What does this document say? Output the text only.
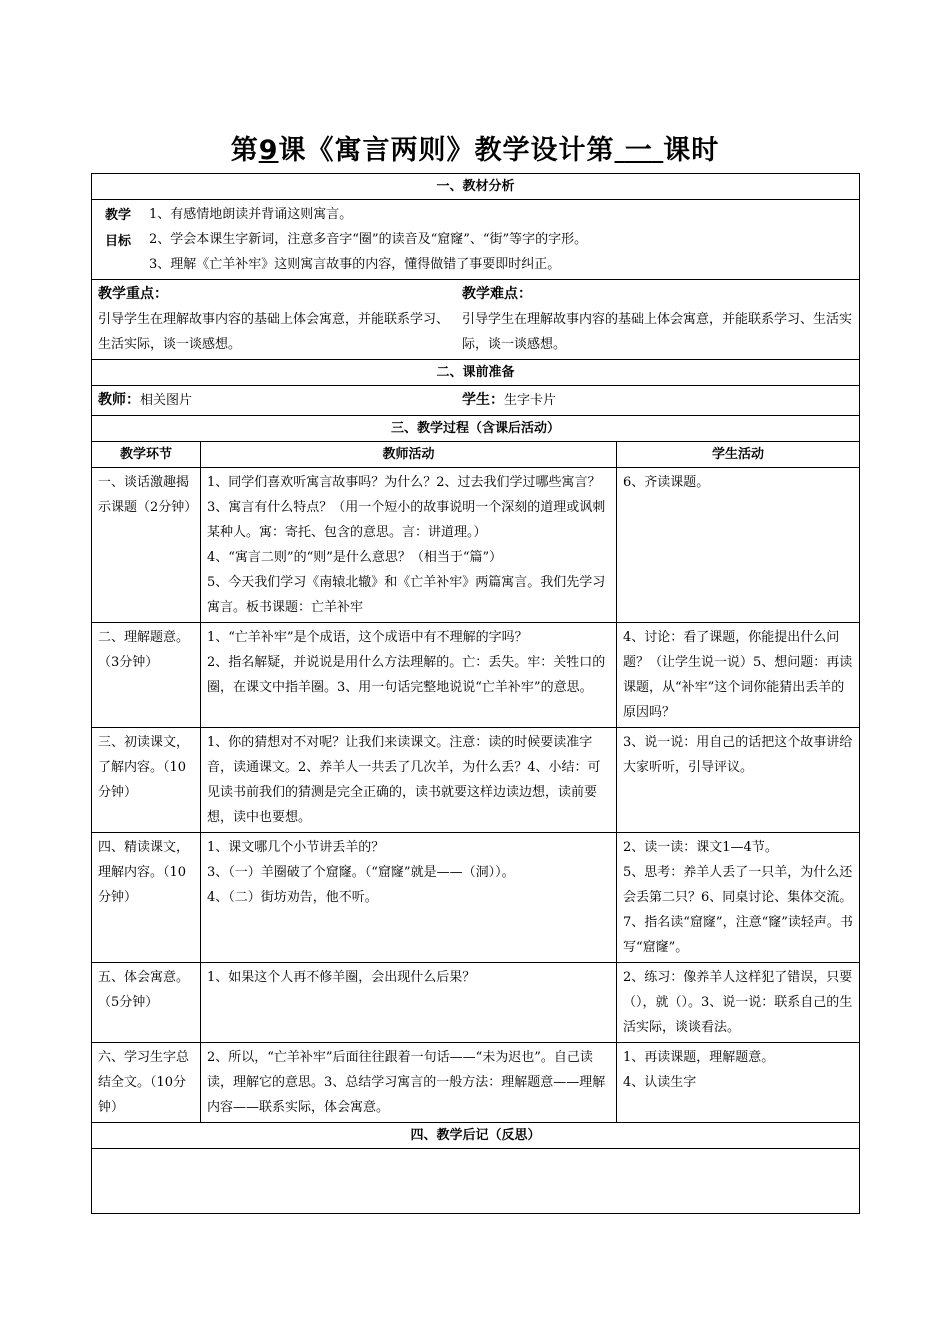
第9课《寓言两则》教学设计第 一 课时
一、教材分析

教学
目标

1、有感情地朗读并背诵这则寓言。
2、学会本课生字新词，注意多音字“圈”的读音及“窟窿”、“街”等字的字形。
3、理解《亡羊补牢》这则寓言故事的内容，懂得做错了事要即时纠正。

教学重点：
引导学生在理解故事内容的基础上体会寓意，并能联系学习、生活实际，谈一谈感想。

教学难点：
引导学生在理解故事内容的基础上体会寓意，并能联系学习、生活实际，谈一谈感想。

二、课前准备

教师：相关图片	学生：生字卡片

三、教学过程（含课后活动）
教学环节	教师活动	学生活动
一、谈话激趣揭示课题（2分钟）	1、同学们喜欢听寓言故事吗？为什么？2、过去我们学过哪些寓言？3、寓言有什么特点？（用一个短小的故事说明一个深刻的道理或讽刺某种人。寓：寄托、包含的意思。言：讲道理。）
4、“寓言二则”的“则”是什么意思？（相当于“篇”）
5、今天我们学习《南辕北辙》和《亡羊补牢》两篇寓言。我们先学习寓言。板书课题：亡羊补牢	6、齐读课题。
二、理解题意。（3分钟）	1、“亡羊补牢”是个成语，这个成语中有不理解的字吗？
2、指名解疑，并说说是用什么方法理解的。亡：丢失。牢：关牲口的圈，在课文中指羊圈。3、用一句话完整地说说“亡羊补牢”的意思。	4、讨论：看了课题，你能提出什么问题？（让学生说一说）5、想问题：再读课题，从“补牢”这个词你能猜出丢羊的原因吗？
三、初读课文，了解内容。（10分钟）	1、你的猜想对不对呢？让我们来读课文。注意：读的时候要读准字音，读通课文。2、养羊人一共丢了几次羊，为什么丢？4、小结：可见读书前我们的猜测是完全正确的，读书就要这样边读边想，读前要想，读中也要想。	3、说一说：用自己的话把这个故事讲给大家听听，引导评议。
四、精读课文，理解内容。（10分钟）	1、课文哪几个小节讲丢羊的？
3、（一）羊圈破了个窟窿。（“窟窿”就是——（洞））。
4、（二）街坊劝告，他不听。	2、读一读：课文1—4节。
5、思考：养羊人丢了一只羊，为什么还会丢第二只？6、同桌讨论、集体交流。7、指名读“窟窿”，注意“窿”读轻声。书写“窟窿”。
五、体会寓意。（5分钟）	1、如果这个人再不修羊圈，会出现什么后果？	2、练习：像养羊人这样犯了错误，只要（），就（）。3、说一说：联系自己的生活实际，谈谈看法。
六、学习生字总结全文。（10分钟）	2、所以，“亡羊补牢”后面往往跟着一句话——“未为迟也”。自己读读，理解它的意思。3、总结学习寓言的一般方法：理解题意——理解内容——联系实际，体会寓意。	1、再读课题，理解题意。
4、认读生字
四、教学后记（反思）
